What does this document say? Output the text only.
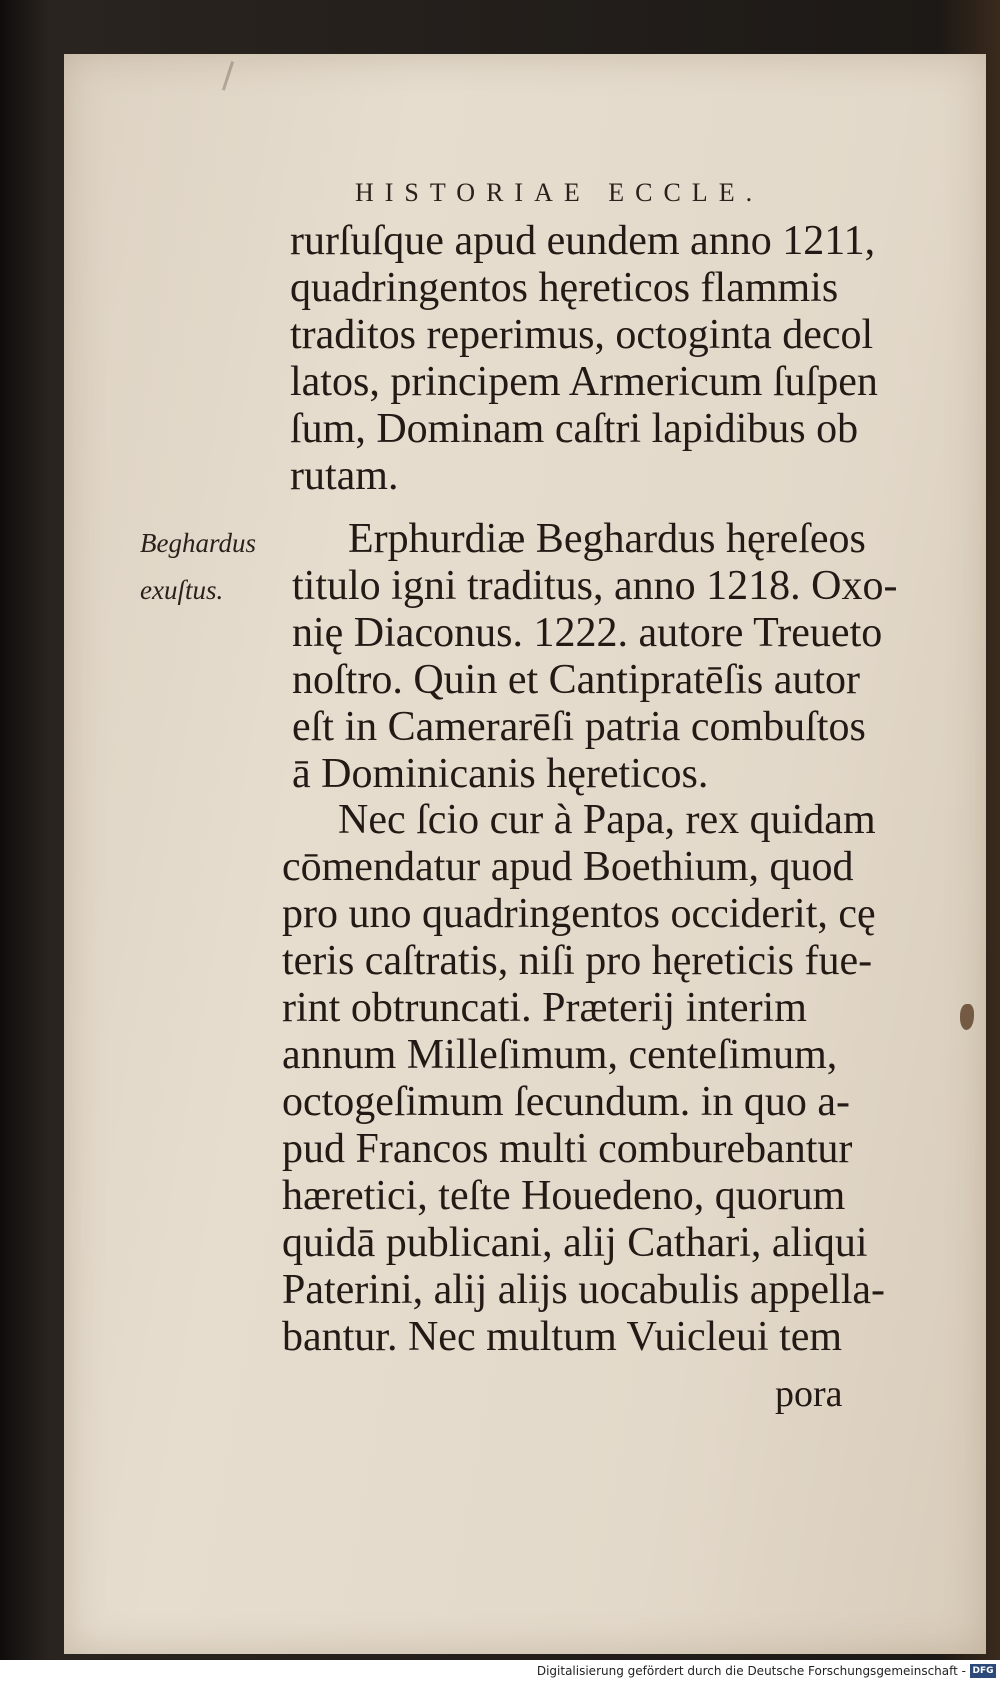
HISTORIAE ECCLE.
rurſuſque apud eundem anno 1211,
quadringentos hęreticos flammis
traditos reperimus, octoginta decol
latos, principem Armericum ſuſpen
ſum, Dominam caſtri lapidibus ob
rutam.
Beghardus
exuſtus.
Erphurdiæ Beghardus hęreſeos
titulo igni traditus, anno 1218. Oxo-
nię Diaconus. 1222. autore Treueto
noſtro. Quin et Cantipratēſis autor
eſt in Camerarēſi patria combuſtos
ā Dominicanis hęreticos.
Nec ſcio cur à Papa, rex quidam
cōmendatur apud Boethium, quod
pro uno quadringentos occiderit, cę
teris caſtratis, niſi pro hęreticis fue-
rint obtruncati. Præterij interim
annum Milleſimum, centeſimum,
octogeſimum ſecundum. in quo a-
pud Francos multi comburebantur
hæretici, teſte Houedeno, quorum
quidā publicani, alij Cathari, aliqui
Paterini, alij alijs uocabulis appella-
bantur. Nec multum Vuicleui tem
pora
Digitalisierung gefördert durch die Deutsche Forschungsgemeinschaft - DFG
